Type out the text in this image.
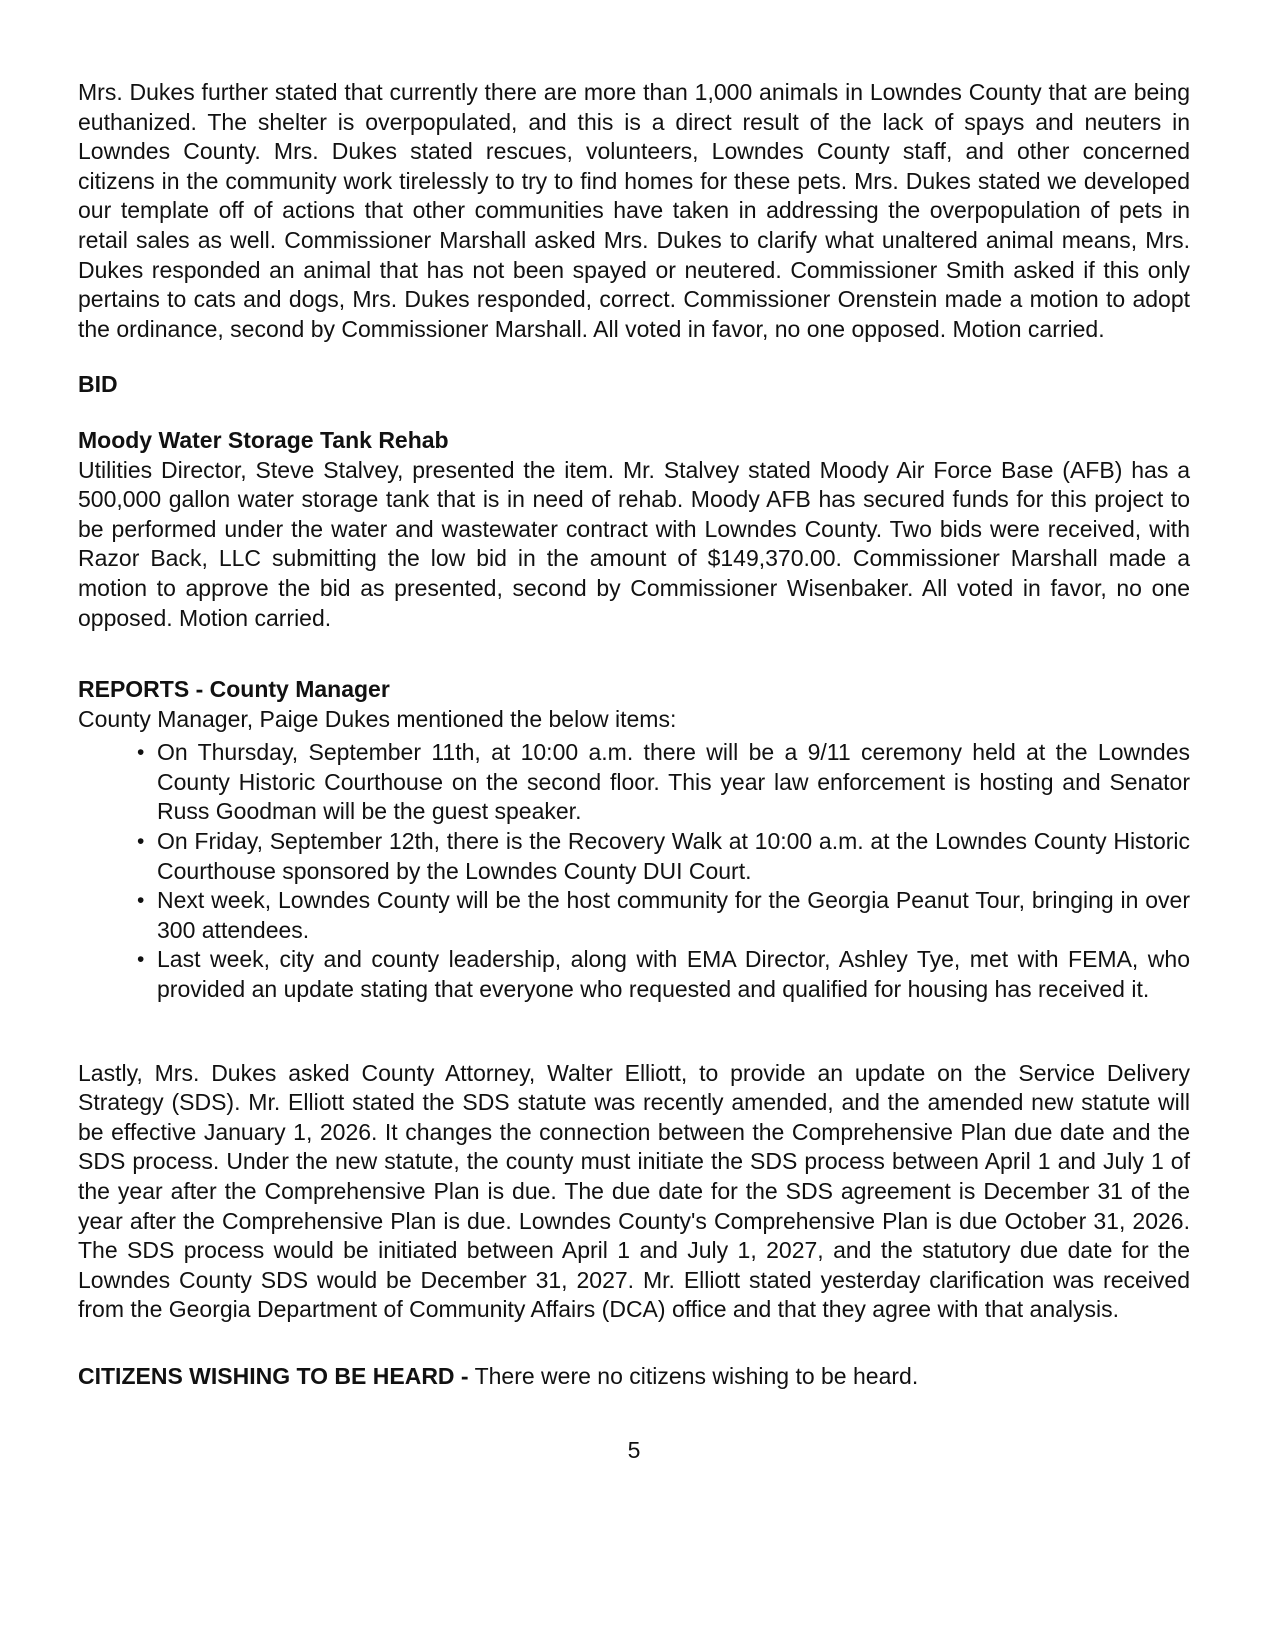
Mrs. Dukes further stated that currently there are more than 1,000 animals in Lowndes County that are being euthanized. The shelter is overpopulated, and this is a direct result of the lack of spays and neuters in Lowndes County. Mrs. Dukes stated rescues, volunteers, Lowndes County staff, and other concerned citizens in the community work tirelessly to try to find homes for these pets. Mrs. Dukes stated we developed our template off of actions that other communities have taken in addressing the overpopulation of pets in retail sales as well. Commissioner Marshall asked Mrs. Dukes to clarify what unaltered animal means, Mrs. Dukes responded an animal that has not been spayed or neutered. Commissioner Smith asked if this only pertains to cats and dogs, Mrs. Dukes responded, correct. Commissioner Orenstein made a motion to adopt the ordinance, second by Commissioner Marshall. All voted in favor, no one opposed. Motion carried.

BID

Moody Water Storage Tank Rehab

Utilities Director, Steve Stalvey, presented the item. Mr. Stalvey stated Moody Air Force Base (AFB) has a 500,000 gallon water storage tank that is in need of rehab. Moody AFB has secured funds for this project to be performed under the water and wastewater contract with Lowndes County. Two bids were received, with Razor Back, LLC submitting the low bid in the amount of $149,370.00. Commissioner Marshall made a motion to approve the bid as presented, second by Commissioner Wisenbaker. All voted in favor, no one opposed. Motion carried.

REPORTS - County Manager

County Manager, Paige Dukes mentioned the below items:

• On Thursday, September 11th, at 10:00 a.m. there will be a 9/11 ceremony held at the Lowndes County Historic Courthouse on the second floor. This year law enforcement is hosting and Senator Russ Goodman will be the guest speaker.
• On Friday, September 12th, there is the Recovery Walk at 10:00 a.m. at the Lowndes County Historic Courthouse sponsored by the Lowndes County DUI Court.
• Next week, Lowndes County will be the host community for the Georgia Peanut Tour, bringing in over 300 attendees.
• Last week, city and county leadership, along with EMA Director, Ashley Tye, met with FEMA, who provided an update stating that everyone who requested and qualified for housing has received it.

Lastly, Mrs. Dukes asked County Attorney, Walter Elliott, to provide an update on the Service Delivery Strategy (SDS). Mr. Elliott stated the SDS statute was recently amended, and the amended new statute will be effective January 1, 2026. It changes the connection between the Comprehensive Plan due date and the SDS process. Under the new statute, the county must initiate the SDS process between April 1 and July 1 of the year after the Comprehensive Plan is due. The due date for the SDS agreement is December 31 of the year after the Comprehensive Plan is due. Lowndes County's Comprehensive Plan is due October 31, 2026. The SDS process would be initiated between April 1 and July 1, 2027, and the statutory due date for the Lowndes County SDS would be December 31, 2027. Mr. Elliott stated yesterday clarification was received from the Georgia Department of Community Affairs (DCA) office and that they agree with that analysis.

CITIZENS WISHING TO BE HEARD - There were no citizens wishing to be heard.

5
